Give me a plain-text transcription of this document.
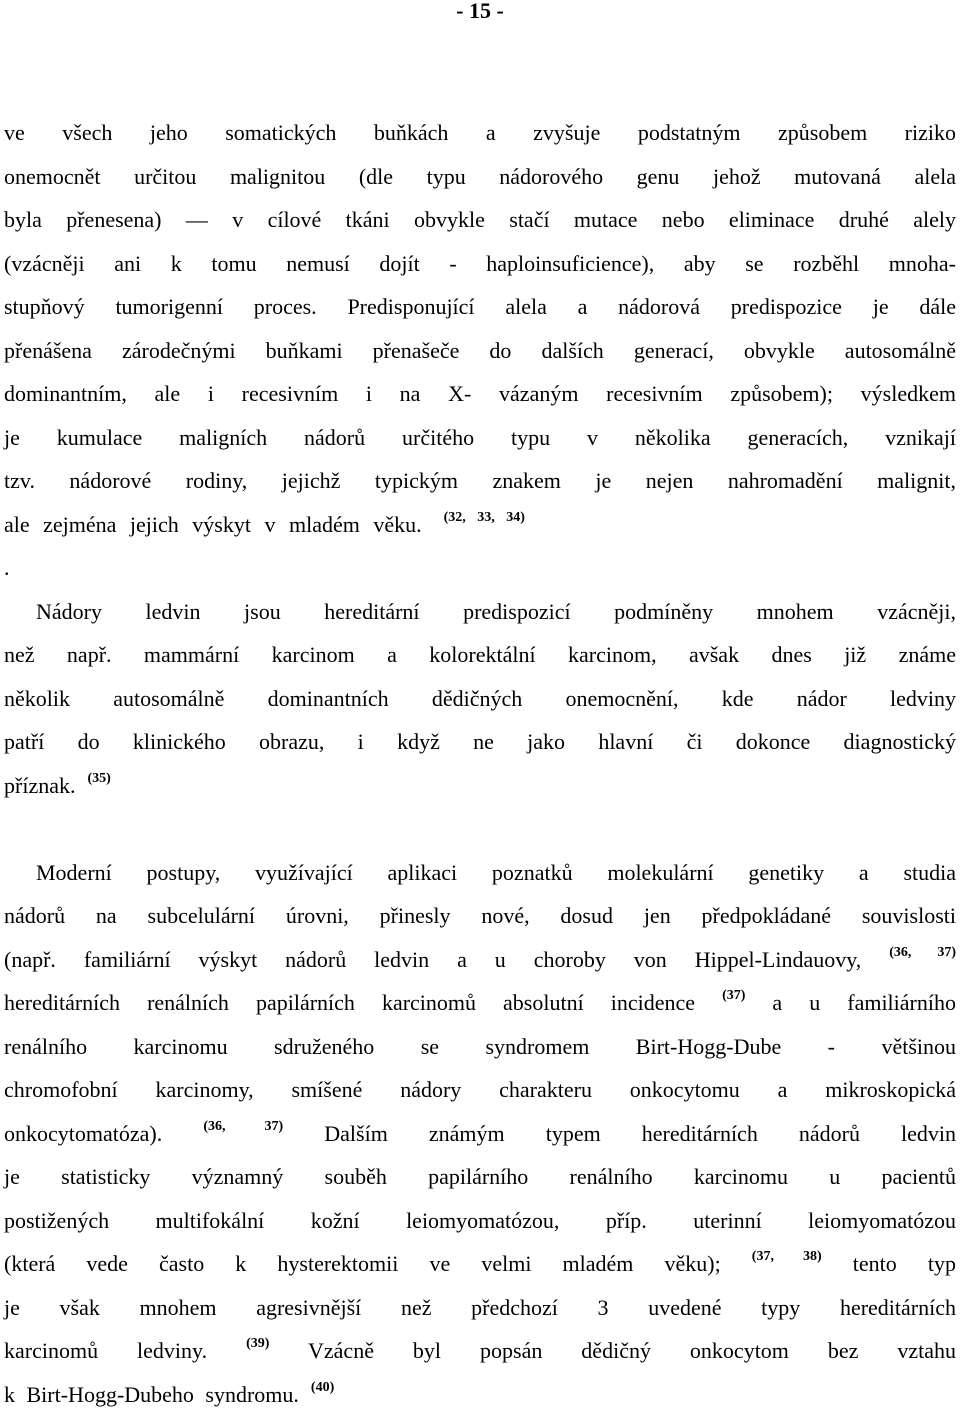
- 15 -
ve všech jeho somatických buňkách a zvyšuje podstatným způsobem riziko
onemocnět určitou malignitou (dle typu nádorového genu jehož mutovaná alela
byla přenesena) — v cílové tkáni obvykle stačí mutace nebo eliminace druhé alely
(vzácněji ani k tomu nemusí dojít - haploinsuficience), aby se rozběhl mnoha-
stupňový tumorigenní proces. Predisponující alela a nádorová predispozice je dále
přenášena zárodečnými buňkami přenašeče do dalších generací, obvykle autosomálně
dominantním, ale i recesivním i na X- vázaným recesivním způsobem); výsledkem
je kumulace maligních nádorů určitého typu v několika generacích, vznikají
tzv. nádorové rodiny, jejichž typickým znakem je nejen nahromadění malignit,
ale zejména jejich výskyt v mladém věku. $^{(32, 33, 34)}$
.
Nádory ledvin jsou hereditární predispozicí podmíněny mnohem vzácněji,
než např. mammární karcinom a kolorektální karcinom, avšak dnes již známe
několik autosomálně dominantních dědičných onemocnění, kde nádor ledviny
patří do klinického obrazu, i když ne jako hlavní či dokonce diagnostický
příznak. $^{(35)}$
Moderní postupy, využívající aplikaci poznatků molekulární genetiky a studia
nádorů na subcelulární úrovni, přinesly nové, dosud jen předpokládané souvislosti
(např. familiární výskyt nádorů ledvin a u choroby von Hippel-Lindauovy, $^{(36, 37)}$
hereditárních renálních papilárních karcinomů absolutní incidence $^{(37)}$ a u familiárního
renálního karcinomu sdruženého se syndromem Birt-Hogg-Dube - většinou
chromofobní karcinomy, smíšené nádory charakteru onkocytomu a mikroskopická
onkocytomatóza).	$^{(36, 37)}$ Dalším známým typem hereditárních nádorů ledvin
je statisticky významný souběh papilárního renálního karcinomu u pacientů
postižených multifokální kožní leiomyomatózou, příp. uterinní leiomyomatózou
(která vede často k hysterektomii ve velmi mladém věku); $^{(37, 38)}$ tento typ
je však mnohem agresivnější než předchozí 3 uvedené typy hereditárních
karcinomů ledviny.	$^{(39)}$ Vzácně byl popsán dědičný onkocytom bez vztahu
k Birt-Hogg-Dubeho syndromu. $^{(40)}$
